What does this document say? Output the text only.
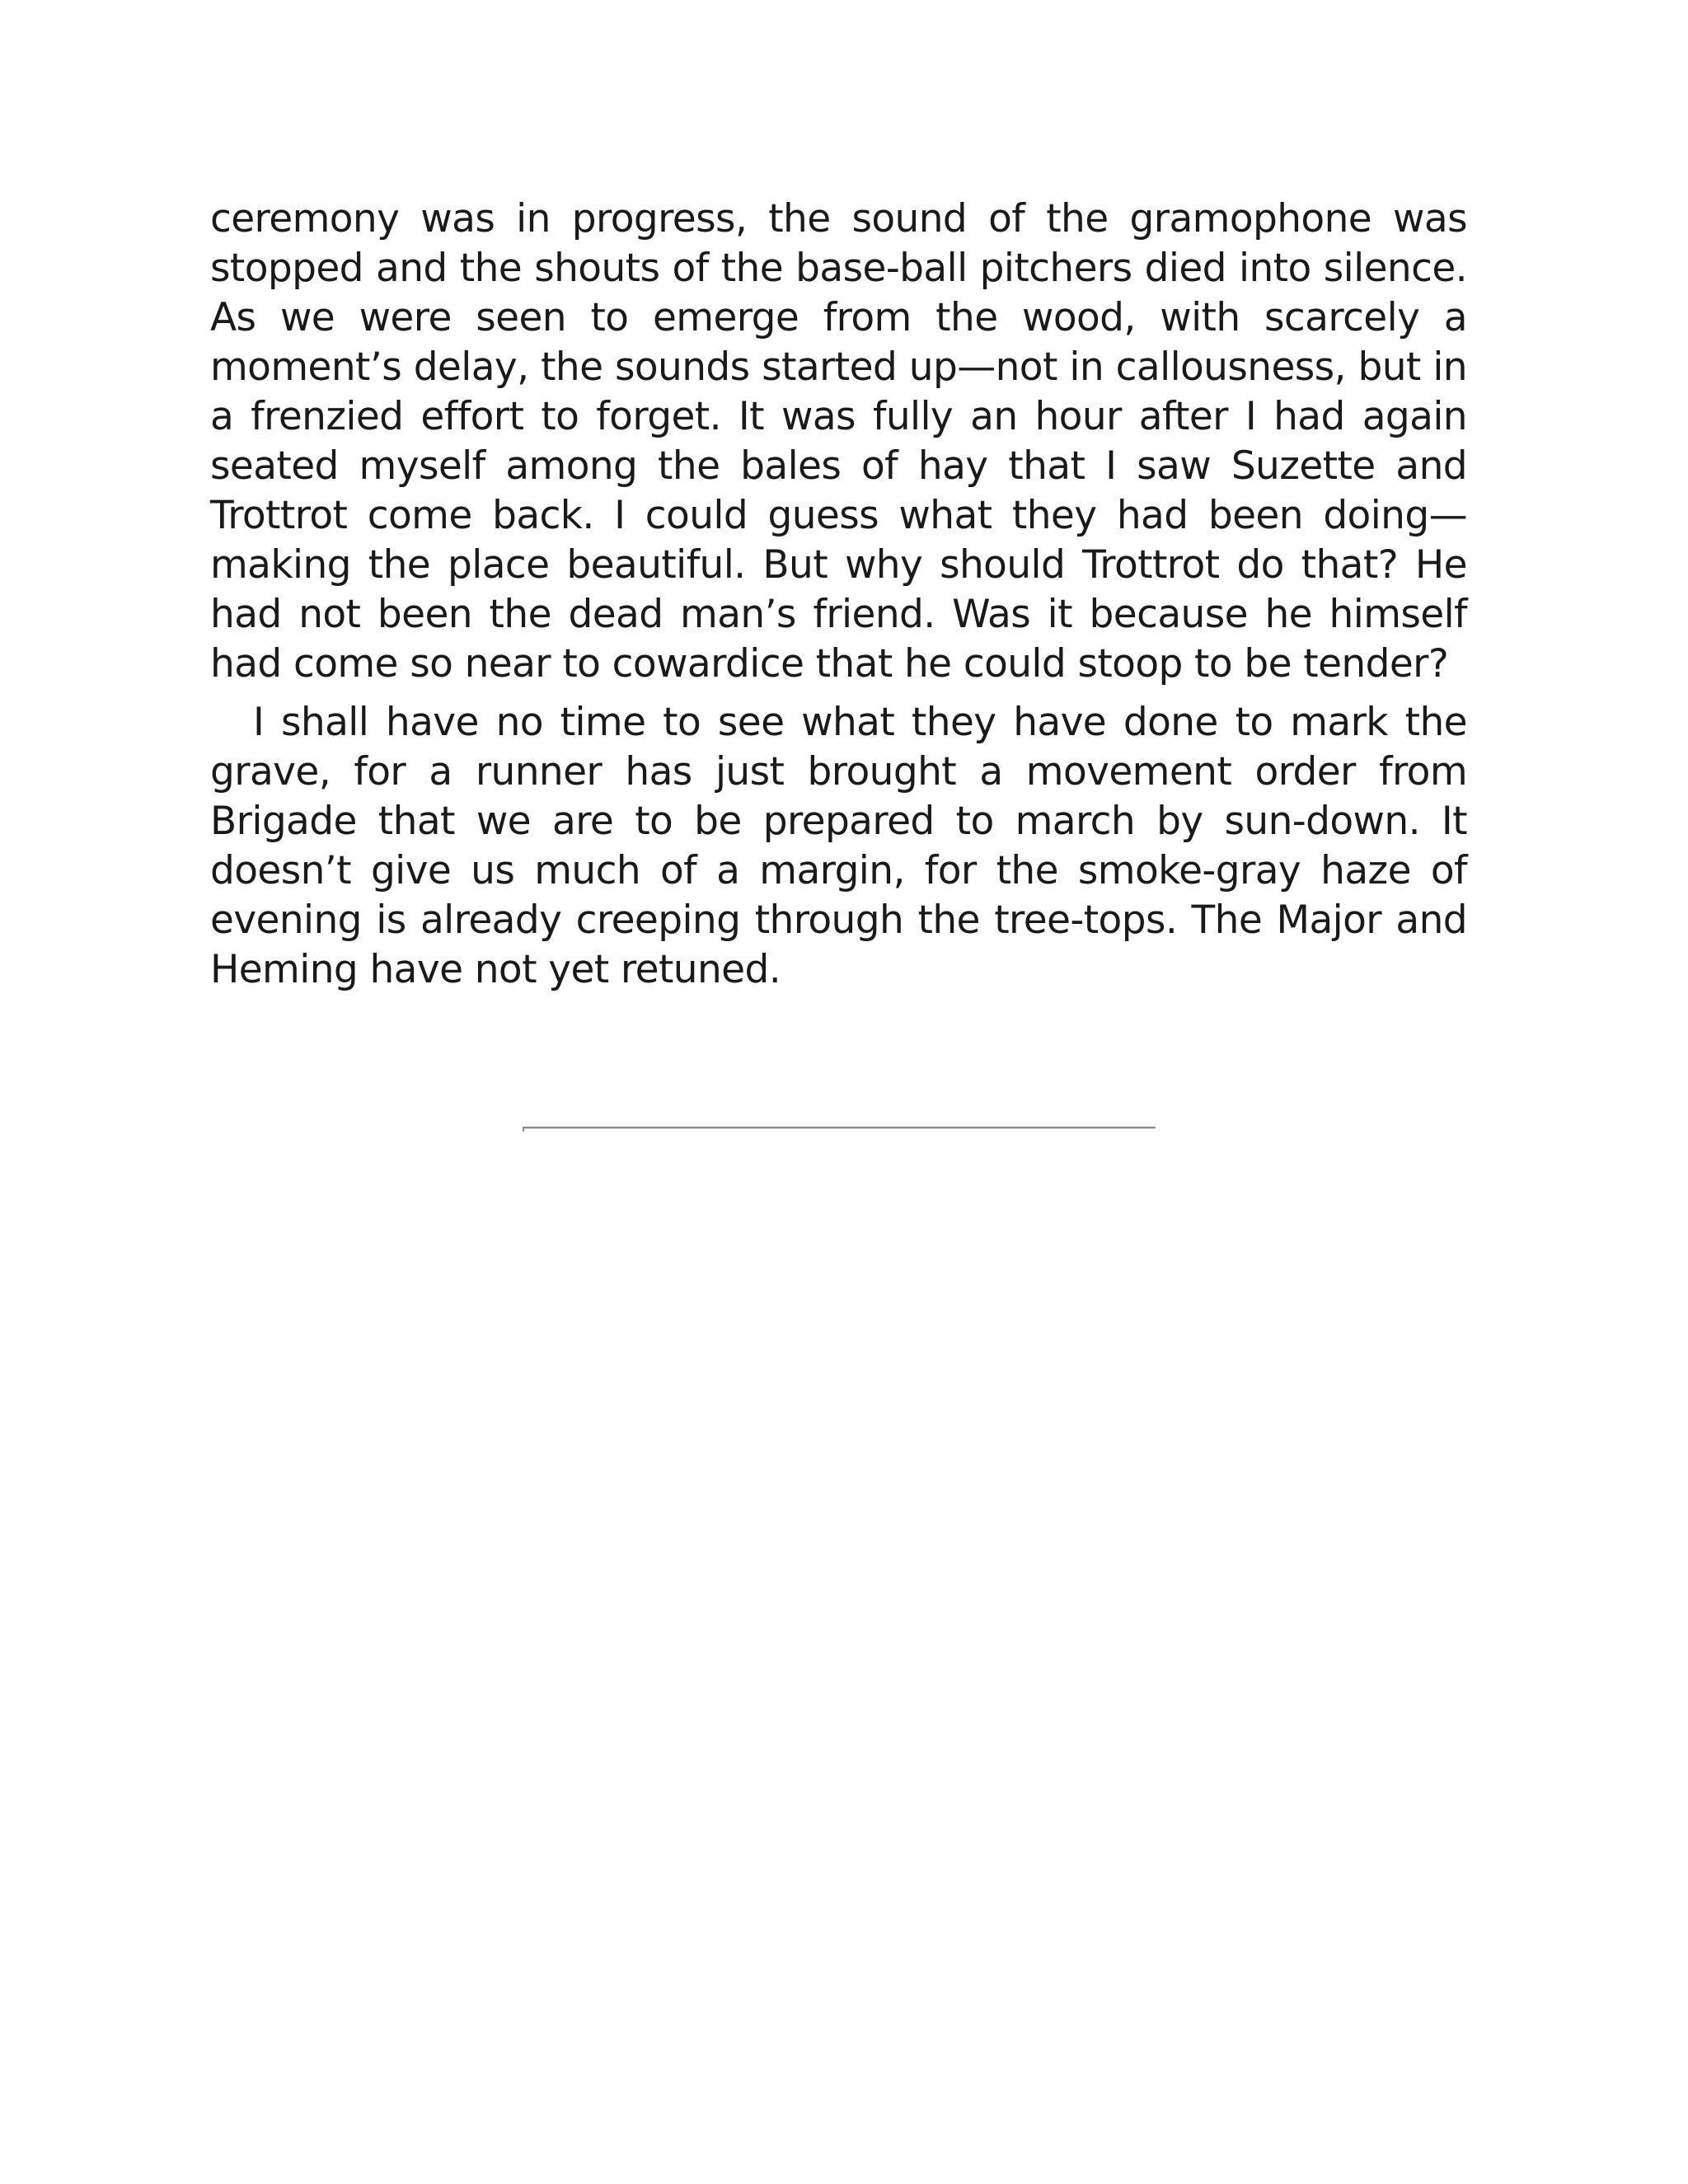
ceremony was in progress, the sound of the gramophone was stopped and the shouts of the base-ball pitchers died into silence. As we were seen to emerge from the wood, with scarcely a moment’s delay, the sounds started up—not in callousness, but in a frenzied effort to forget. It was fully an hour after I had again seated myself among the bales of hay that I saw Suzette and Trottrot come back. I could guess what they had been doing—making the place beautiful. But why should Trottrot do that? He had not been the dead man’s friend. Was it because he himself had come so near to cowardice that he could stoop to be tender?

I shall have no time to see what they have done to mark the grave, for a runner has just brought a movement order from Brigade that we are to be prepared to march by sun-down. It doesn’t give us much of a margin, for the smoke-gray haze of evening is already creeping through the tree-tops. The Major and Heming have not yet retuned.
